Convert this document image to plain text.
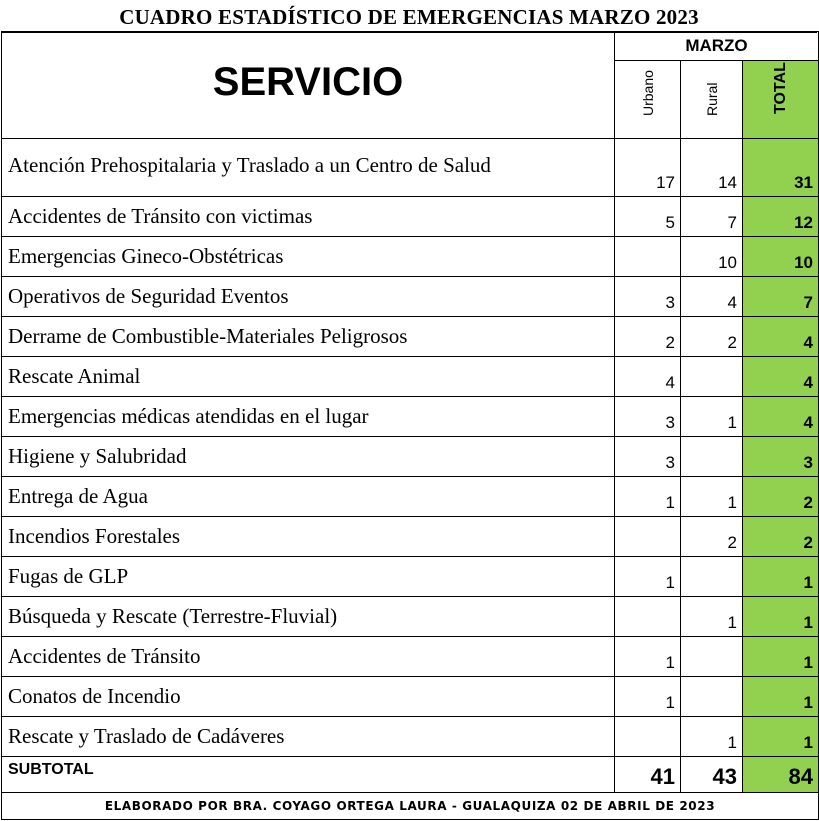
CUADRO ESTADÍSTICO DE EMERGENCIAS MARZO 2023
SERVICIO	MARZO		

	Urbano	Rural	TOTAL

Atención Prehospitalaria y Traslado a un Centro de Salud	17	14	31
Accidentes de Tránsito con victimas	5	7	12
Emergencias Gineco-Obstétricas		10	10
Operativos de Seguridad Eventos	3	4	7
Derrame de Combustible-Materiales Peligrosos	2	2	4
Rescate Animal	4		4
Emergencias médicas atendidas en el lugar	3	1	4
Higiene y Salubridad	3		3
Entrega de Agua	1	1	2
Incendios Forestales		2	2
Fugas de GLP	1		1
Búsqueda y Rescate (Terrestre-Fluvial)		1	1
Accidentes de Tránsito	1		1
Conatos de Incendio	1		1
Rescate y Traslado de Cadáveres		1	1
SUBTOTAL	41	43	84
ELABORADO POR BRA. COYAGO ORTEGA LAURA - GUALAQUIZA 02 DE ABRIL DE 2023			
